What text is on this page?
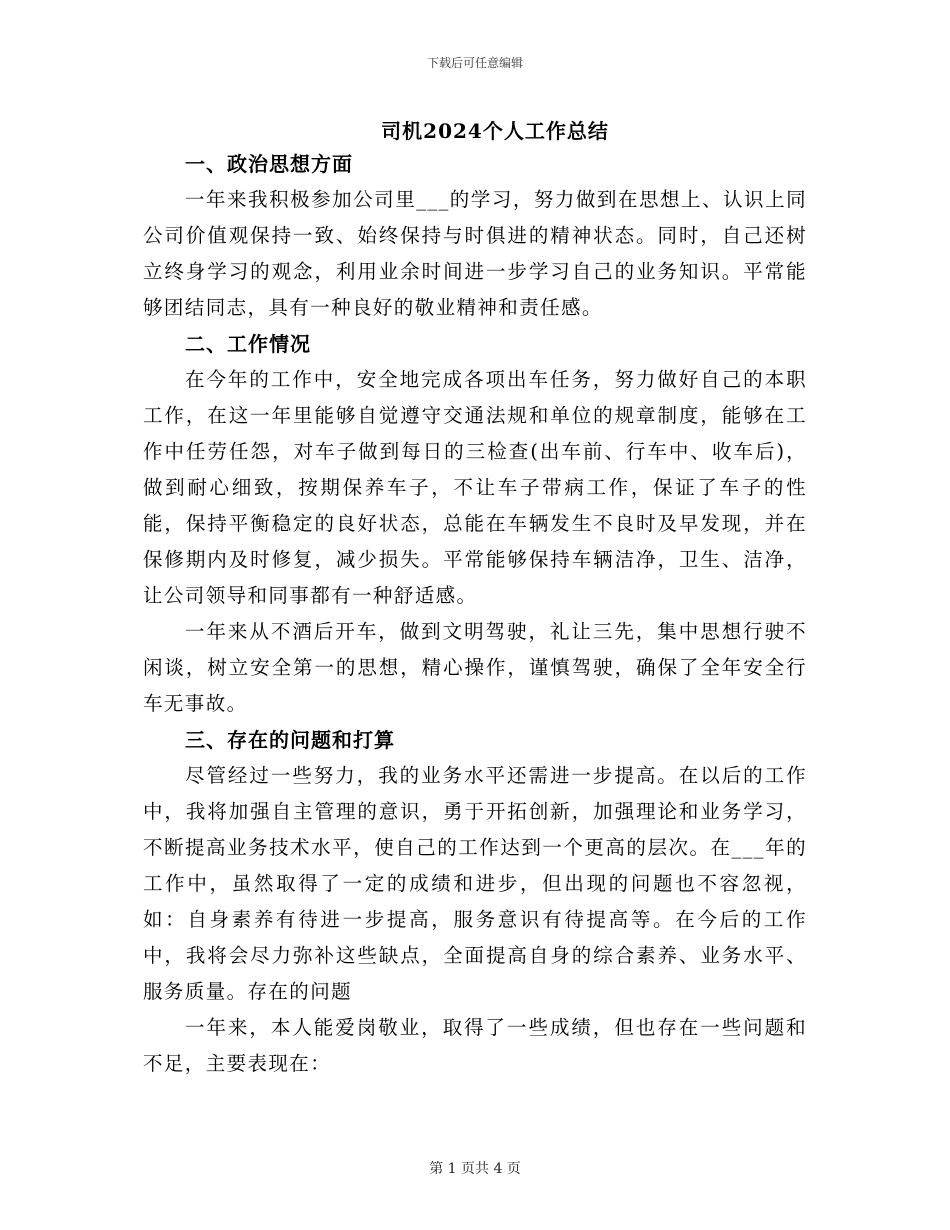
下载后可任意编辑
司机2024个人工作总结

一、政治思想方面

一年来我积极参加公司里___的学习，努力做到在思想上、认识上同公司价值观保持一致、始终保持与时俱进的精神状态。同时，自己还树立终身学习的观念，利用业余时间进一步学习自己的业务知识。平常能够团结同志，具有一种良好的敬业精神和责任感。

二、工作情况

在今年的工作中，安全地完成各项出车任务，努力做好自己的本职工作，在这一年里能够自觉遵守交通法规和单位的规章制度，能够在工作中任劳任怨，对车子做到每日的三检查(出车前、行车中、收车后)，做到耐心细致，按期保养车子，不让车子带病工作，保证了车子的性能，保持平衡稳定的良好状态，总能在车辆发生不良时及早发现，并在保修期内及时修复，减少损失。平常能够保持车辆洁净，卫生、洁净，让公司领导和同事都有一种舒适感。

一年来从不酒后开车，做到文明驾驶，礼让三先，集中思想行驶不闲谈，树立安全第一的思想，精心操作，谨慎驾驶，确保了全年安全行车无事故。

三、存在的问题和打算

尽管经过一些努力，我的业务水平还需进一步提高。在以后的工作中，我将加强自主管理的意识，勇于开拓创新，加强理论和业务学习，不断提高业务技术水平，使自己的工作达到一个更高的层次。在___年的工作中，虽然取得了一定的成绩和进步，但出现的问题也不容忽视，如：自身素养有待进一步提高，服务意识有待提高等。在今后的工作中，我将会尽力弥补这些缺点，全面提高自身的综合素养、业务水平、服务质量。存在的问题

一年来，本人能爱岗敬业，取得了一些成绩，但也存在一些问题和不足，主要表现在：

第 1 页共 4 页
